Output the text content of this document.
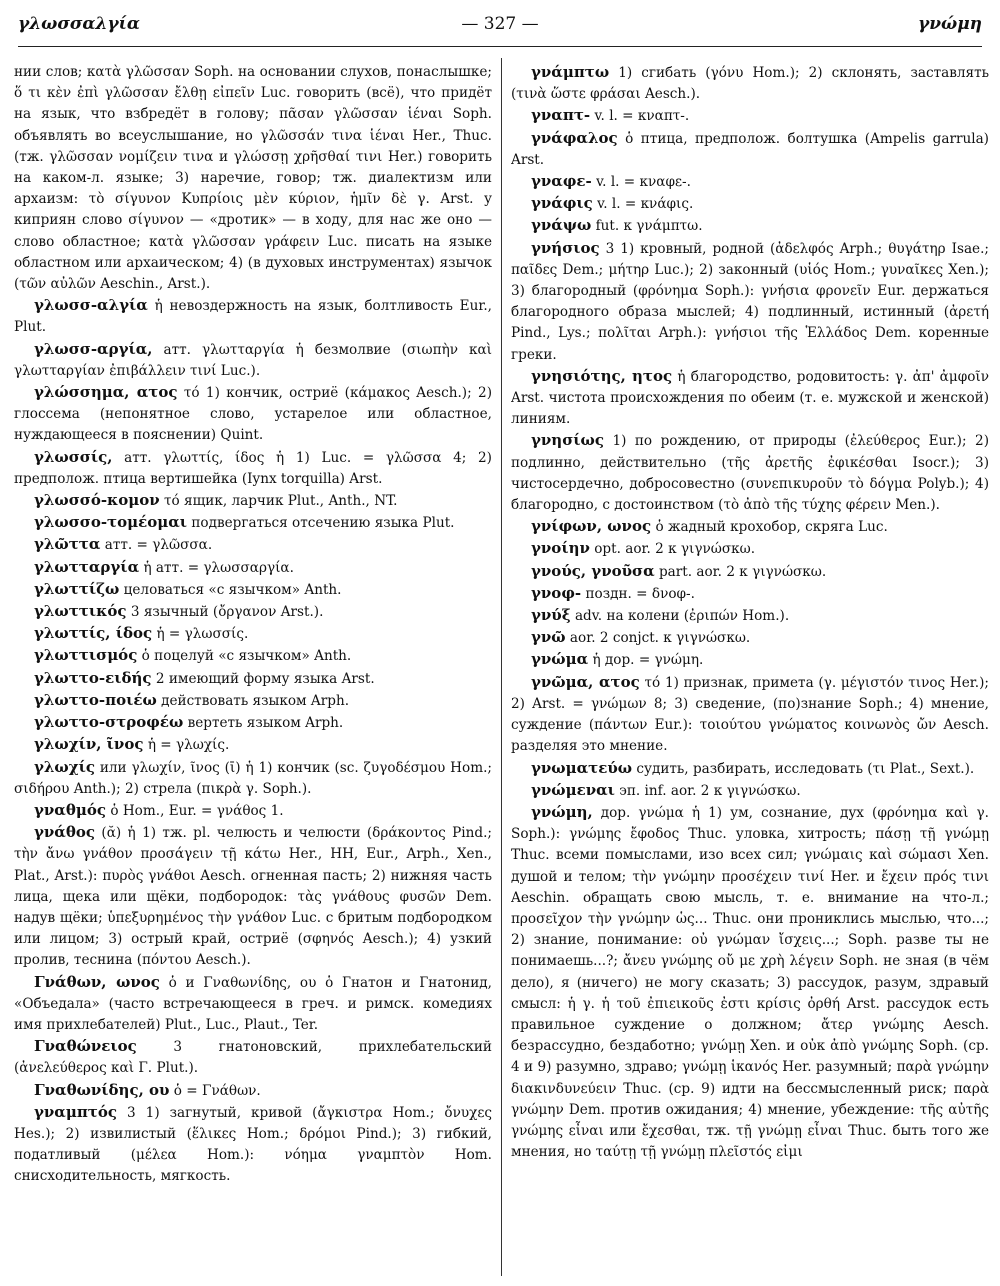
γλωσσαλγία	— 327 —	γνώμη

нии слов; κατὰ γλῶσσαν Soph. на основании слухов, понаслышке; ὅ τι κὲν ἐπὶ γλῶσσαν ἔλθῃ εἰπεῖν Luc. говорить (всё), что придёт на язык, что взбредёт в голову; πᾶσαν γλῶσσαν ἱέναι Soph. объявлять во всеуслышание, но γλῶσσάν τινα ἱέναι Her., Thuc. (тж. γλῶσσαν νομίζειν τινα и γλώσσῃ χρῆσθαί τινι Her.) говорить на каком-л. языке; 3) наречие, говор; тж. диалектизм или архаизм: τὸ σίγυνον Κυπρίοις μὲν κύριον, ἡμῖν δὲ γ. Arst. у киприян слово σίγυνον — «дротик» — в ходу, для нас же оно — слово областное; κατὰ γλῶσσαν γράφειν Luc. писать на языке областном или архаическом; 4) (в духовых инструментах) язычок (τῶν αὐλῶν Aeschin., Arst.).

γλωσσ-αλγία ἡ невоздержность на язык, болтливость Eur., Plut.

γλωσσ-αργία, атт. γλωτταργία ἡ безмолвие (σιωπὴν καὶ γλωτταργίαν ἐπιβάλλειν τινί Luc.).

γλώσσημα, ατος τό 1) кончик, остриё (κάμακος Aesch.); 2) глоссема (непонятное слово, устарелое или областное, нуждающееся в пояснении) Quint.

γλωσσίς, атт. γλωττίς, ίδος ἡ 1) Luc. = γλῶσσα 4; 2) предполож. птица вертишейка (Iynx torquilla) Arst.

γλωσσό-κομον τό ящик, ларчик Plut., Anth., NT.

γλωσσο-τομέομαι подвергаться отсечению языка Plut.

γλῶττα атт. = γλῶσσα.

γλωτταργία ἡ атт. = γλωσσαργία.

γλωττίζω целоваться «с язычком» Anth.

γλωττικός 3 язычный (ὄργανον Arst.).

γλωττίς, ίδος ἡ = γλωσσίς.

γλωττισμός ὁ поцелуй «с язычком» Anth.

γλωττο-ειδής 2 имеющий форму языка Arst.

γλωττο-ποιέω действовать языком Arph.

γλωττο-στροφέω вертеть языком Arph.

γλωχίν, ῖνος ἡ = γλωχίς.

γλωχίς или γλωχίν, ῖνος (ῑ) ἡ 1) кончик (sc. ζυγοδέσμου Hom.; σιδήρου Anth.); 2) стрела (πικρὰ γ. Soph.).

γναθμός ὁ Hom., Eur. = γνάθος 1.

γνάθος (ᾰ) ἡ 1) тж. pl. челюсть и челюсти (δράκοντος Pind.; τὴν ἄνω γνάθον προσάγειν τῇ κάτω Her., HH, Eur., Arph., Xen., Plat., Arst.): πυρὸς γνάθοι Aesch. огненная пасть; 2) нижняя часть лица, щека или щёки, подбородок: τὰς γνάθους φυσῶν Dem. надув щёки; ὑπεξυρημένος τὴν γνάθον Luc. с бритым подбородком или лицом; 3) острый край, остриё (σφηνός Aesch.); 4) узкий пролив, теснина (πόντου Aesch.).

Γνάθων, ωνος ὁ и Γναθωνίδης, ου ὁ Гнатон и Гнатонид, «Объедала» (часто встречающееся в греч. и римск. комедиях имя прихлебателей) Plut., Luc., Plaut., Ter.

Γναθώνειος	3 гнатоновский, прихлебательский (ἀνελεύθερος καὶ Γ. Plut.).

Γναθωνίδης, ου ὁ = Γνάθων.

γναμπτός 3 1) загнутый, кривой (ἄγκιστρα Hom.; ὄνυχες Hes.); 2) извилистый (ἕλικες Hom.; δρόμοι Pind.); 3) гибкий, податливый (μέλεα Hom.): νόημα γναμπτὸν Hom. снисходительность, мягкость.

γνάμπτω 1) сгибать (γόνυ Hom.); 2) склонять, заставлять (τινὰ ὥστε φράσαι Aesch.).

γναπτ- v. l. = κναπτ-.

γνάφαλος ὁ птица, предполож. болтушка (Ampelis garrula) Arst.

γναφε- v. l. = κναφε-.

γνάφις v. l. = κνάφις.

γνάψω fut. к γνάμπτω.

γνήσιος 3 1) кровный, родной (ἀδελφός Arph.; θυγάτηρ Isae.; παῖδες Dem.; μήτηρ Luc.); 2) законный (υἱός Hom.; γυναῖκες Xen.); 3) благородный (φρόνημα Soph.): γνήσια φρονεῖν Eur. держаться благородного образа мыслей; 4) подлинный, истинный (ἀρετή Pind., Lys.; πολῖται Arph.): γνήσιοι τῆς Ἑλλάδος Dem. коренные греки.

γνησιότης, ητος ἡ благородство, родовитость: γ. ἀπ' ἀμφοῖν Arst. чистота происхождения по обеим (т. е. мужской и женской) линиям.

γνησίως 1) по рождению, от природы (ἐλεύθερος Eur.); 2) подлинно, действительно (τῆς ἀρετῆς ἐφικέσθαι Isocr.); 3) чистосердечно, добросовестно (συνεπικυροῦν τὸ δόγμα Polyb.); 4) благородно, с достоинством (τὸ ἀπὸ τῆς τύχης φέρειν Men.).

γνίφων, ωνος ὁ жадный крохобор, скряга Luc.

γνοίην opt. aor. 2 к γιγνώσκω.

γνούς, γνοῦσα part. aor. 2 к γιγνώσκω.

γνοφ- поздн. = δνοφ-.

γνύξ adv. на колени (ἐριπών Hom.).

γνῶ aor. 2 conjct. к γιγνώσκω.

γνώμα ἡ дор. = γνώμη.

γνῶμα, ατος τό 1) признак, примета (γ. μέγιστόν τινος Her.); 2) Arst. = γνώμων 8; 3) сведение, (по)знание Soph.; 4) мнение, суждение (πάντων Eur.): τοιούτου γνώματος κοινωνὸς ὤν Aesch. разделяя это мнение.

γνωματεύω судить, разбирать, исследовать (τι Plat., Sext.).

γνώμεναι эп. inf. aor. 2 к γιγνώσκω.

γνώμη, дор. γνώμα ἡ 1) ум, сознание, дух (φρόνημα καὶ γ. Soph.): γνώμης ἔφοδος Thuc. уловка, хитрость; πάσῃ τῇ γνώμῃ Thuc. всеми помыслами, изо всех сил; γνώμαις καὶ σώμασι Xen. душой и телом; τὴν γνώμην προσέχειν τινί Her. и ἔχειν πρός τινι Aeschin. обращать свою мысль, т. е. внимание на что-л.; προσεῖχον τὴν γνώμην ὡς... Thuc. они прониклись мыслью, что...; 2) знание, понимание: οὐ γνώμαν ἴσχεις...; Soph. разве ты не понимаешь...?; ἄνευ γνώμης οὔ με χρὴ λέγειν Soph. не зная (в чём дело), я (ничего) не могу сказать; 3) рассудок, разум, здравый смысл: ἡ γ. ἡ τοῦ ἐπιεικοῦς ἐστι κρίσις ὀρθή Arst. рассудок есть правильное суждение о должном; ἄτερ γνώμης Aesch. безрассудно, бездаботно; γνώμῃ Xen. и οὐκ ἀπὸ γνώμης Soph. (ср. 4 и 9) разумно, здраво; γνώμῃ ἱκανός Her. разумный; παρὰ γνώμην διακινδυνεύειν Thuc. (ср. 9) идти на бессмысленный риск; παρὰ γνώμην Dem. против ожидания; 4) мнение, убеждение: τῆς αὐτῆς γνώμης εἶναι или ἔχεσθαι, тж. τῇ γνώμῃ εἶναι Thuc. быть того же мнения, но ταύτῃ τῇ γνώμῃ πλεῖστός εἰμι
